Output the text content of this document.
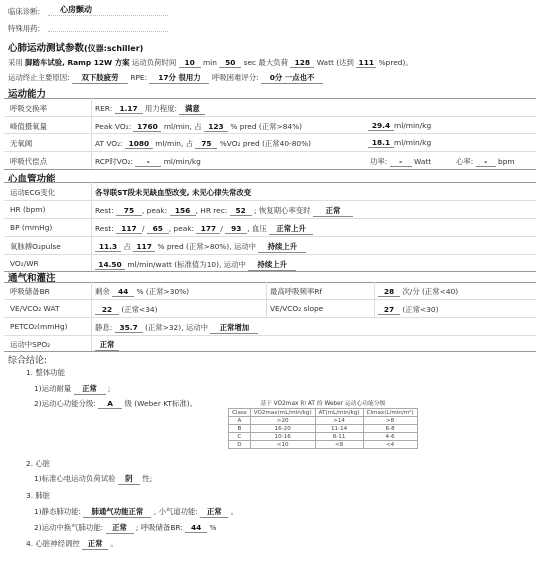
临床诊断:	心房颤动
特殊用药:
心肺运动测试参数(仪器:schiller)
采用 脚踏车试验, Ramp 12W 方案 运动负荷时间 10 min 50 sec 最大负荷 128 Watt (达到 111 %pred)。
运动终止主要原因: 双下肢疲劳 RPE: 17分 很用力 呼吸困难评分: 0分 一点也不
运动能力
呼吸交换率	RER: 1.17 用力程度: 满意
峰值摄氧量	Peak VO₂: 1760 ml/min, 占 123 % pred (正常>84%)	29.4 ml/min/kg
无氧阈	AT VO₂: 1080 ml/min, 占 75 %VO₂ pred (正常40-80%)	18.1 ml/min/kg
呼吸代偿点	RCP时VO₂: - ml/min/kg	功率: - Watt	心率: - bpm
心血管功能
运动ECG变化	各导联ST段未见缺血型改变, 未见心律失常改变
HR (bpm)	Rest: 75 , peak: 156 , HR rec: 52 ; 恢复期心率变时 正常
BP (mmHg)	Rest: 117 / 65 , peak: 177 / 93 , 血压 正常上升
氧脉搏O₂pulse	11.3 占 117 % pred (正常>80%), 运动中 持续上升
VO₂/WR	14.50 ml/min/watt (标准值为10), 运动中 持续上升
通气和灌注
呼吸储备BR	剩余 44 % (正常>30%)	最高呼吸频率Rf	28 次/分 (正常<40)
VE/VCO₂ WAT	22 (正常<34)	VE/VCO₂ slope	27 (正常<30)
PETCO₂(mmHg)	静息: 35.7 (正常>32), 运动中 正常增加
运动中SPO₂	正常
综合结论:
1. 整体功能
1)运动耐量 正常 ;
2)运动心功能分级: A 级 (Weber KT标准)。	基于 VO2max 和 AT 的 Weber 运动心功能分级
Class	VO2max(mL/min/kg)	AT(mL/min/kg)	CImax(L/min/m²)
A	>20	>14	>8
B	16-20	11-14	6-8
C	10-16	8-11	4-6
D	<10	<8	<4
2. 心脏
1)标准心电运动负荷试验 阴 性;
3. 肺脏
1)静态肺功能: 肺通气功能正常 , 小气道功能: 正常 。
2)运动中换气肺功能: 正常 ; 呼吸储备BR: 44 %
4. 心脏神经调控 正常 。
